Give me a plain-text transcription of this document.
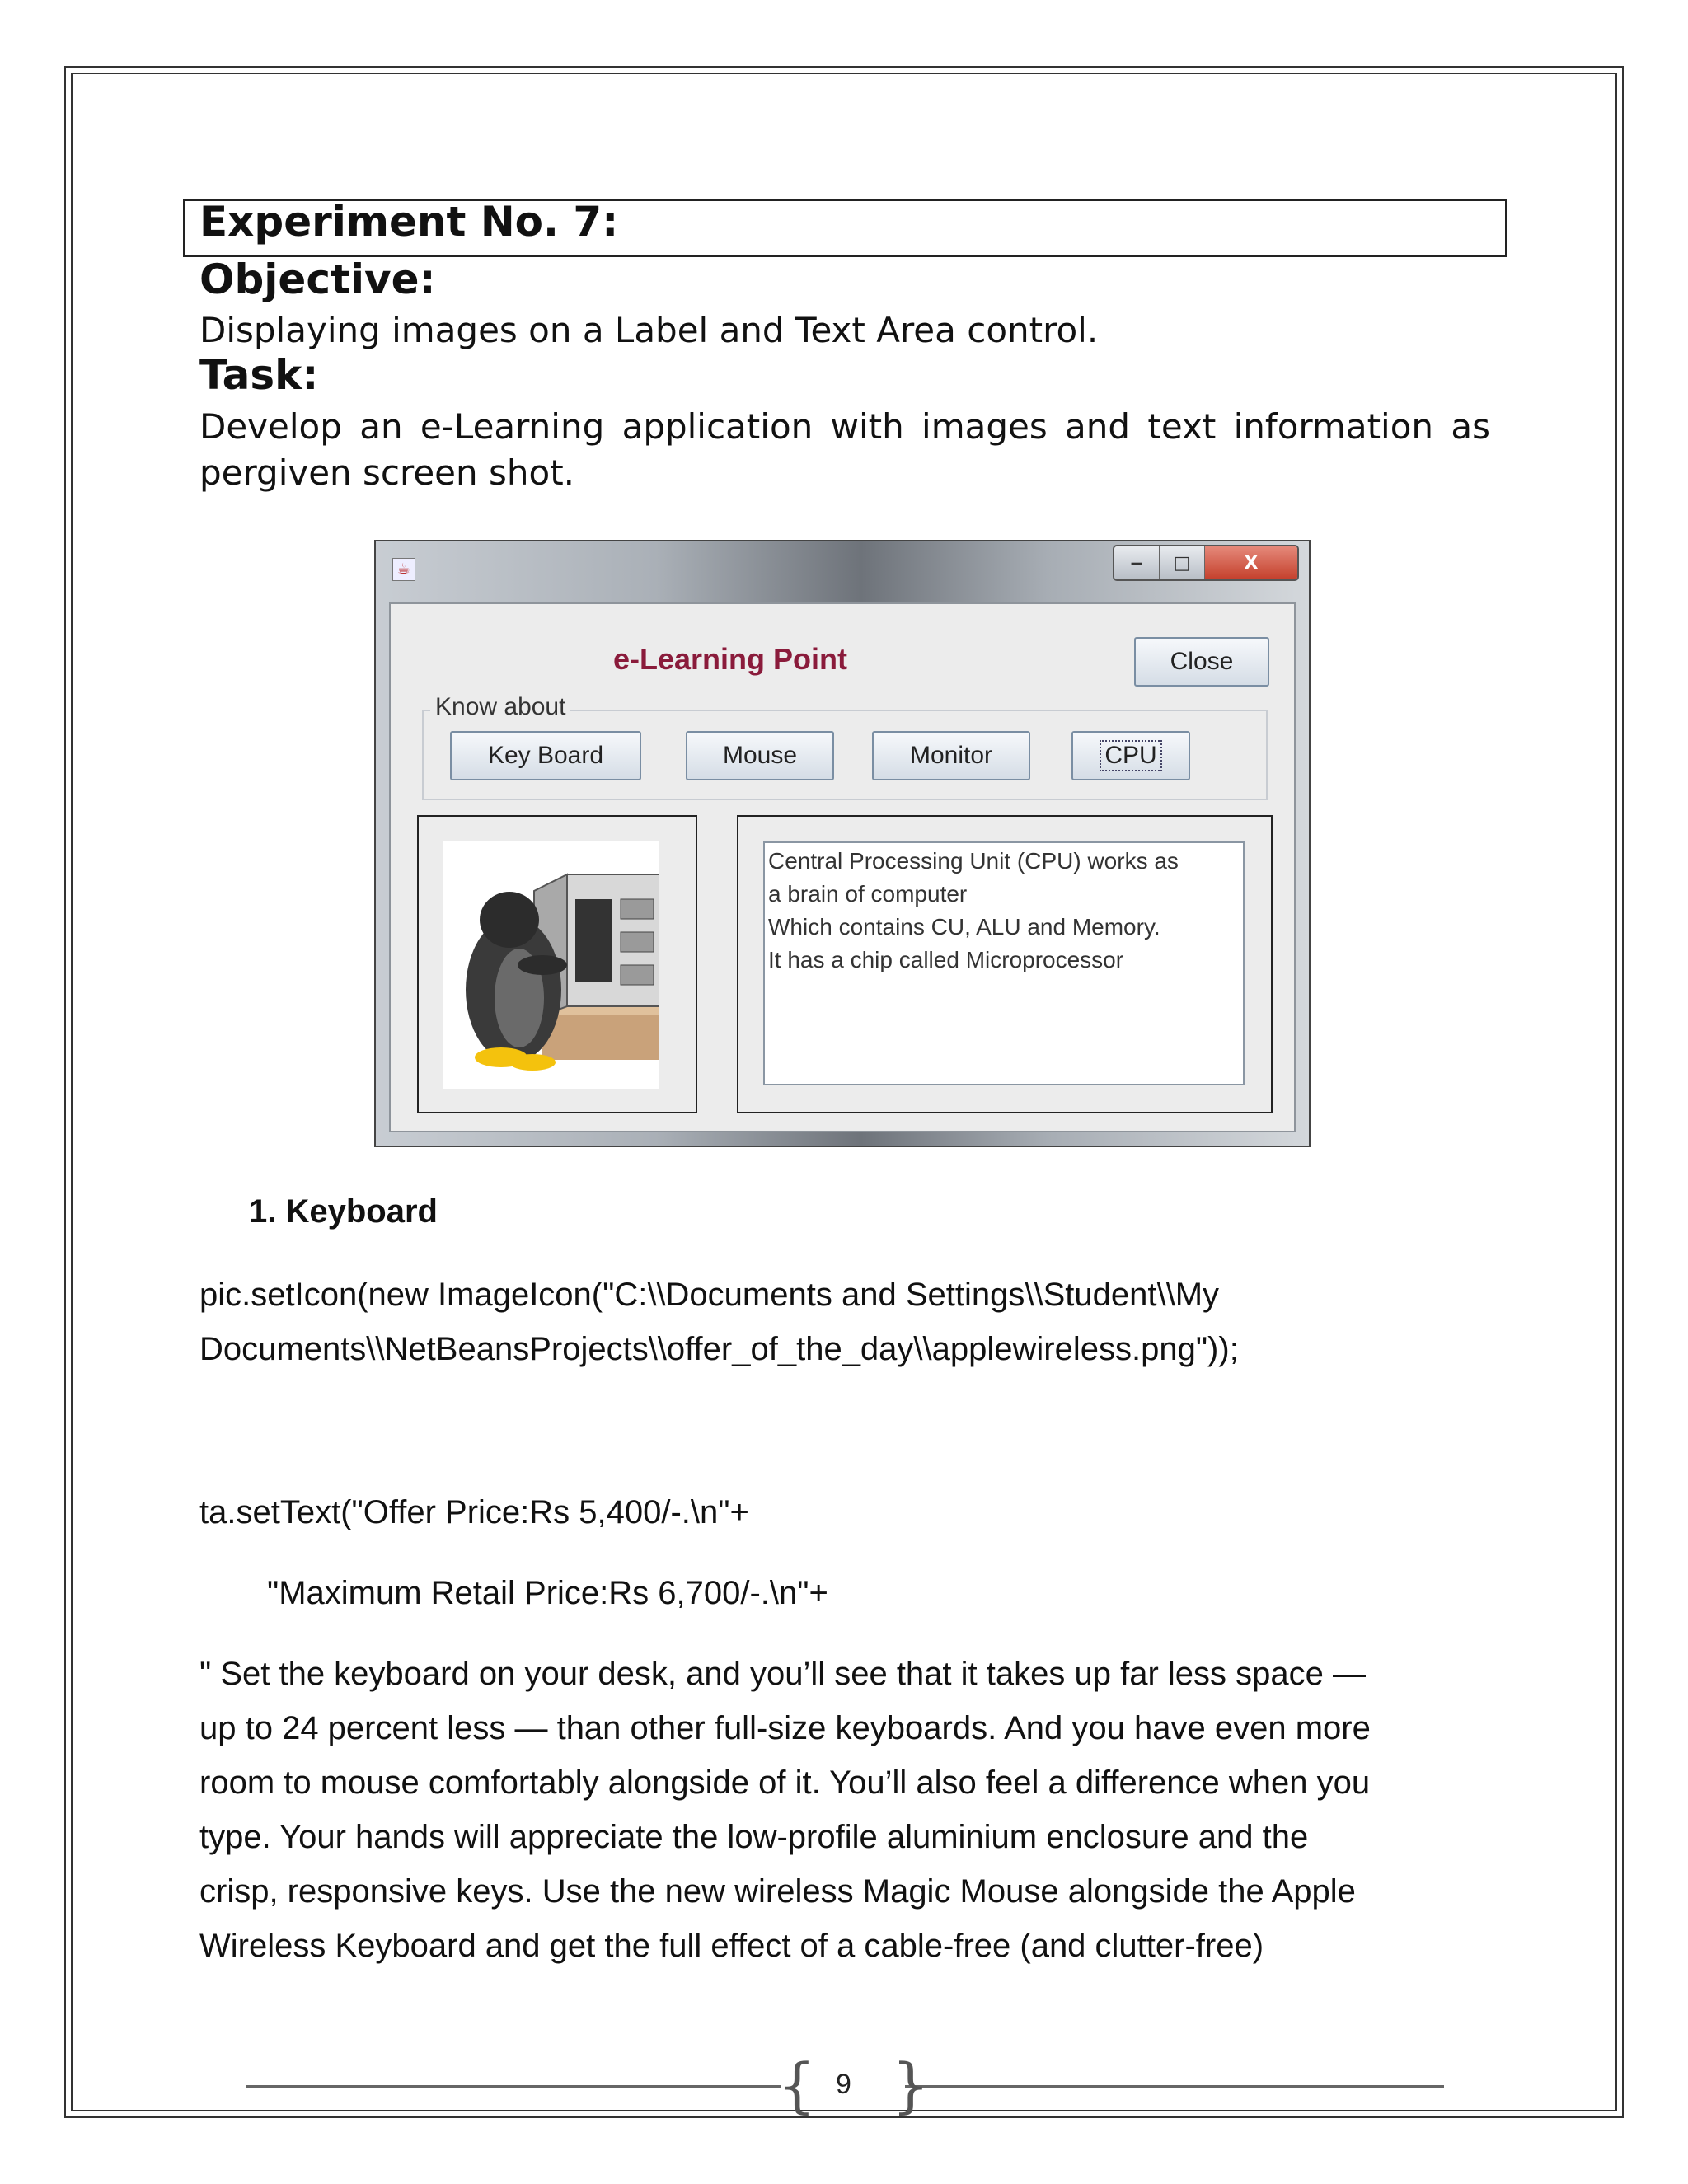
Experiment No. 7:
Objective:
Displaying images on a Label and Text Area control.
Task:
Develop an e-Learning application with images and text information as pergiven screen shot.
☕	‒	□	X
e-Learning Point	Close
Know about
Key Board	Mouse	Monitor	CPU
Central Processing Unit (CPU) works as
a brain of computer
Which contains CU, ALU and Memory.
It has a chip called Microprocessor
1. Keyboard
pic.setIcon(new ImageIcon("C:\\Documents and Settings\\Student\\My
Documents\\NetBeansProjects\\offer_of_the_day\\applewireless.png"));
ta.setText("Offer Price:Rs 5,400/-.\n"+
"Maximum Retail Price:Rs 6,700/-.\n"+
" Set the keyboard on your desk, and you’ll see that it takes up far less space —
up to 24 percent less — than other full-size keyboards. And you have even more
room to mouse comfortably alongside of it. You’ll also feel a difference when you
type. Your hands will appreciate the low-profile aluminium enclosure and the
crisp, responsive keys. Use the new wireless Magic Mouse alongside the Apple
Wireless Keyboard and get the full effect of a cable-free (and clutter-free)
{ }
9
